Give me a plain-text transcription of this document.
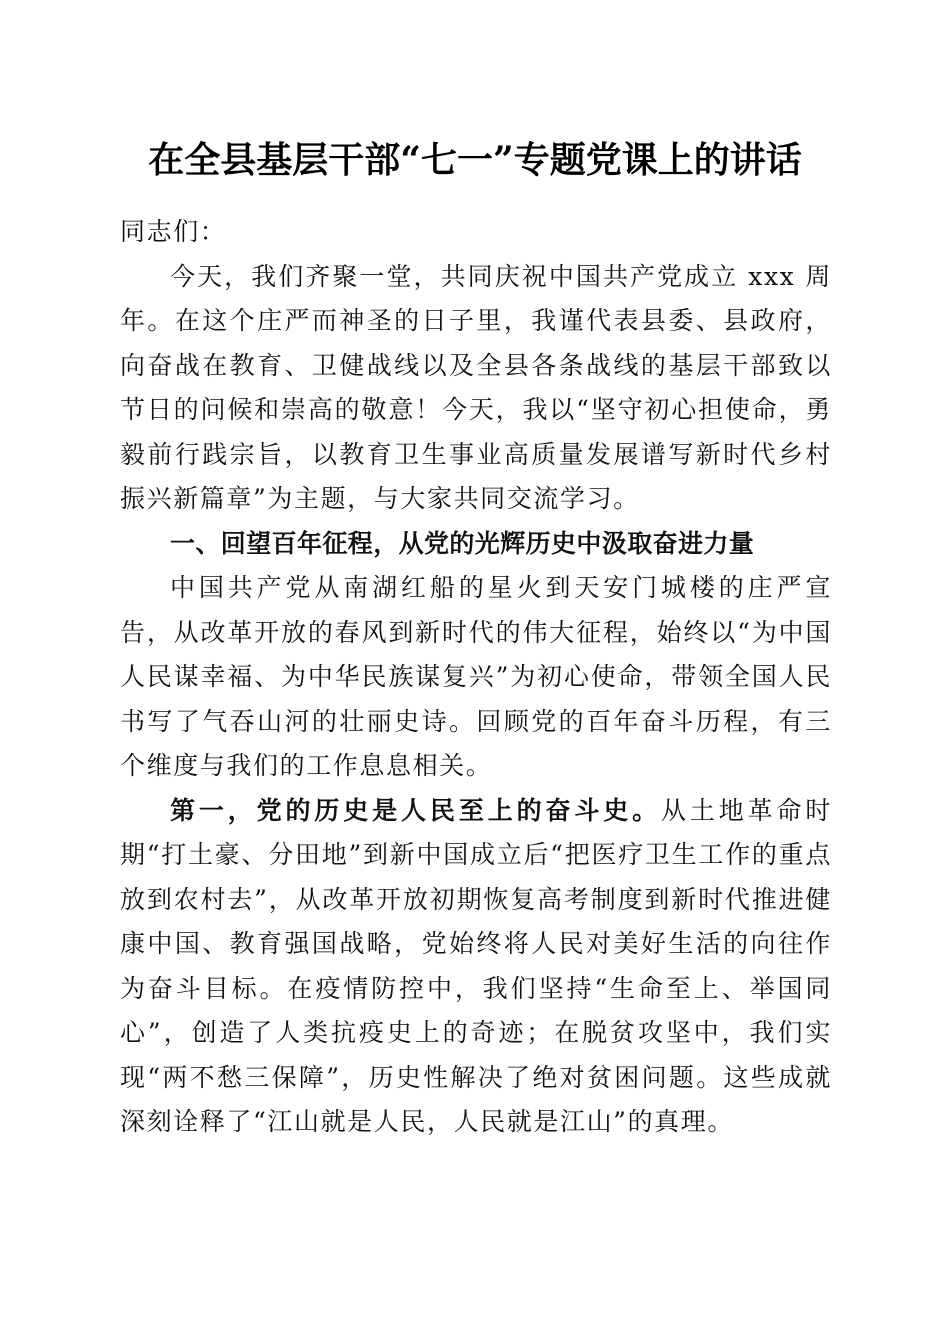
在全县基层干部“七一”专题党课上的讲话

同志们：

今天，我们齐聚一堂，共同庆祝中国共产党成立 xxx 周年。在这个庄严而神圣的日子里，我谨代表县委、县政府，向奋战在教育、卫健战线以及全县各条战线的基层干部致以节日的问候和崇高的敬意！今天，我以“坚守初心担使命，勇毅前行践宗旨，以教育卫生事业高质量发展谱写新时代乡村振兴新篇章”为主题，与大家共同交流学习。

一、回望百年征程，从党的光辉历史中汲取奋进力量

中国共产党从南湖红船的星火到天安门城楼的庄严宣告，从改革开放的春风到新时代的伟大征程，始终以“为中国人民谋幸福、为中华民族谋复兴”为初心使命，带领全国人民书写了气吞山河的壮丽史诗。回顾党的百年奋斗历程，有三个维度与我们的工作息息相关。

第一，党的历史是人民至上的奋斗史。从土地革命时期“打土豪、分田地”到新中国成立后“把医疗卫生工作的重点放到农村去”，从改革开放初期恢复高考制度到新时代推进健康中国、教育强国战略，党始终将人民对美好生活的向往作为奋斗目标。在疫情防控中，我们坚持“生命至上、举国同心”，创造了人类抗疫史上的奇迹；在脱贫攻坚中，我们实现“两不愁三保障”，历史性解决了绝对贫困问题。这些成就深刻诠释了“江山就是人民，人民就是江山”的真理。
